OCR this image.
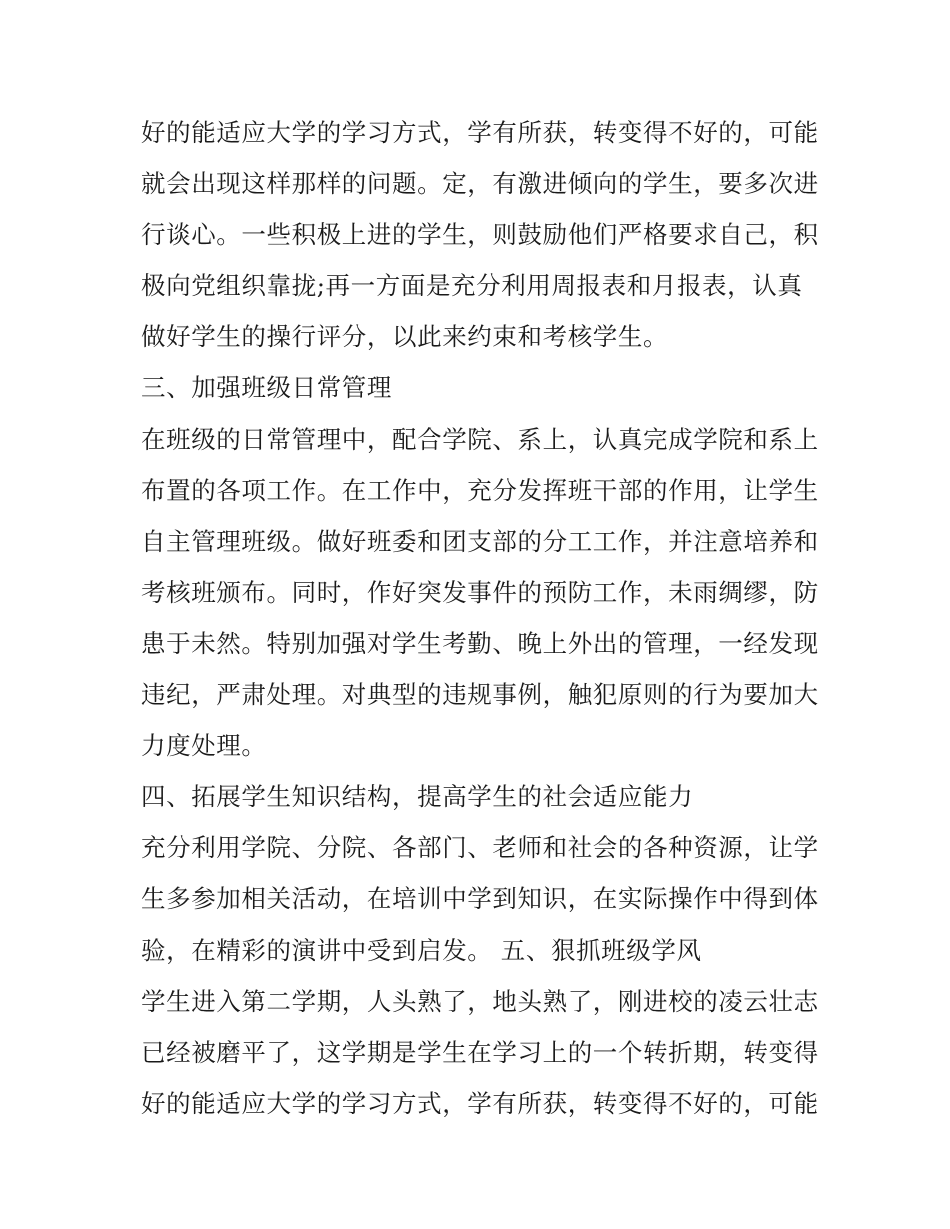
好的能适应大学的学习方式，学有所获，转变得不好的，可能
就会出现这样那样的问题。定，有激进倾向的学生，要多次进
行谈心。一些积极上进的学生，则鼓励他们严格要求自己，积
极向党组织靠拢;再一方面是充分利用周报表和月报表，认真
做好学生的操行评分，以此来约束和考核学生。
三、加强班级日常管理
在班级的日常管理中，配合学院、系上，认真完成学院和系上
布置的各项工作。在工作中，充分发挥班干部的作用，让学生
自主管理班级。做好班委和团支部的分工工作，并注意培养和
考核班颁布。同时，作好突发事件的预防工作，未雨绸缪，防
患于未然。特别加强对学生考勤、晚上外出的管理，一经发现
违纪，严肃处理。对典型的违规事例，触犯原则的行为要加大
力度处理。
四、拓展学生知识结构，提高学生的社会适应能力
充分利用学院、分院、各部门、老师和社会的各种资源，让学
生多参加相关活动，在培训中学到知识，在实际操作中得到体
验，在精彩的演讲中受到启发。 五、狠抓班级学风
学生进入第二学期，人头熟了，地头熟了，刚进校的凌云壮志
已经被磨平了，这学期是学生在学习上的一个转折期，转变得
好的能适应大学的学习方式，学有所获，转变得不好的，可能
